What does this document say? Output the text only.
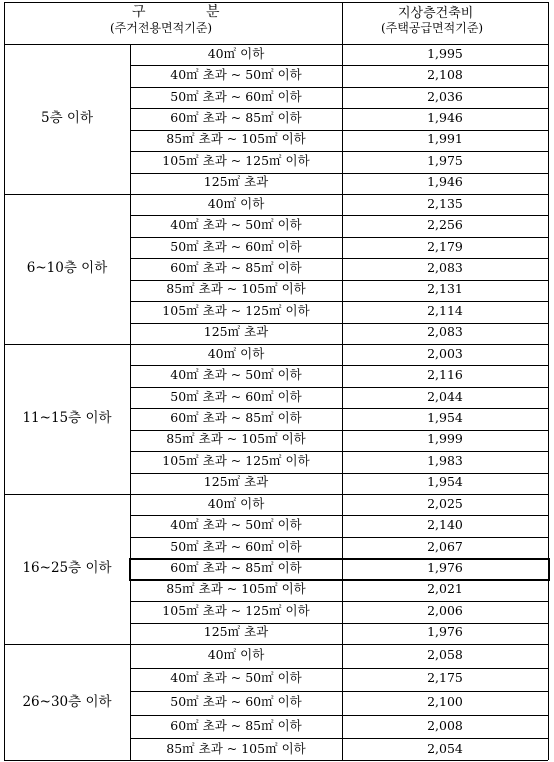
구 분
(주거전용면적기준)
지상층건축비
(주택공급면적기준)
5층 이하
40㎡ 이하	1,995
40㎡ 초과 ~ 50㎡ 이하	2,108
50㎡ 초과 ~ 60㎡ 이하	2,036
60㎡ 초과 ~ 85㎡ 이하	1,946
85㎡ 초과 ~ 105㎡ 이하	1,991
105㎡ 초과 ~ 125㎡ 이하	1,975
125㎡ 초과	1,946
6~10층 이하
40㎡ 이하	2,135
40㎡ 초과 ~ 50㎡ 이하	2,256
50㎡ 초과 ~ 60㎡ 이하	2,179
60㎡ 초과 ~ 85㎡ 이하	2,083
85㎡ 초과 ~ 105㎡ 이하	2,131
105㎡ 초과 ~ 125㎡ 이하	2,114
125㎡ 초과	2,083
11~15층 이하
40㎡ 이하	2,003
40㎡ 초과 ~ 50㎡ 이하	2,116
50㎡ 초과 ~ 60㎡ 이하	2,044
60㎡ 초과 ~ 85㎡ 이하	1,954
85㎡ 초과 ~ 105㎡ 이하	1,999
105㎡ 초과 ~ 125㎡ 이하	1,983
125㎡ 초과	1,954
16~25층 이하
40㎡ 이하	2,025
40㎡ 초과 ~ 50㎡ 이하	2,140
50㎡ 초과 ~ 60㎡ 이하	2,067
60㎡ 초과 ~ 85㎡ 이하	1,976
85㎡ 초과 ~ 105㎡ 이하	2,021
105㎡ 초과 ~ 125㎡ 이하	2,006
125㎡ 초과	1,976
26~30층 이하
40㎡ 이하	2,058
40㎡ 초과 ~ 50㎡ 이하	2,175
50㎡ 초과 ~ 60㎡ 이하	2,100
60㎡ 초과 ~ 85㎡ 이하	2,008
85㎡ 초과 ~ 105㎡ 이하	2,054
